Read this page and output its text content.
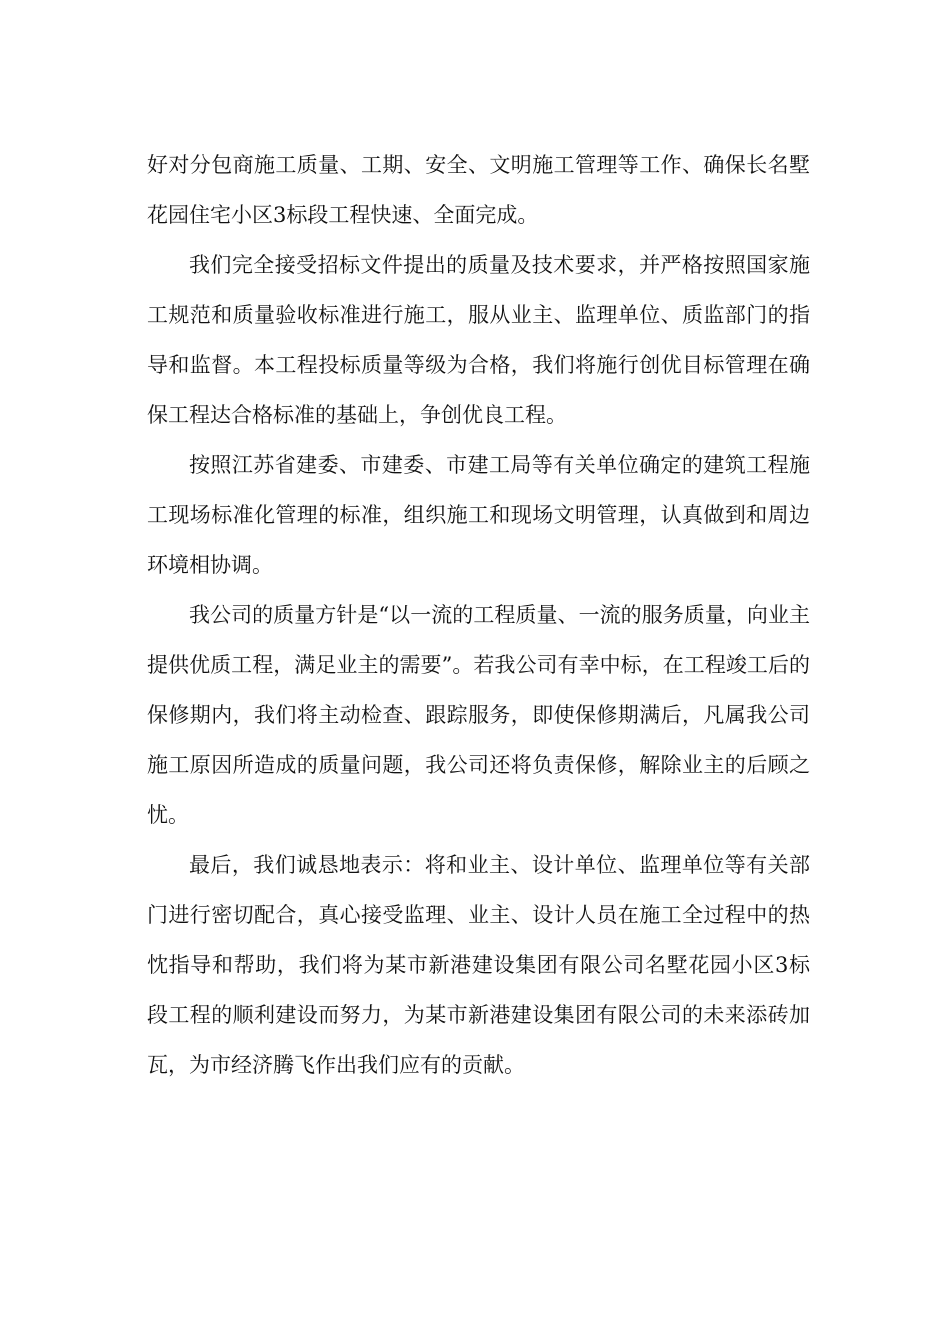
好对分包商施工质量、工期、安全、文明施工管理等工作、确保长名墅花园住宅小区3标段工程快速、全面完成。

我们完全接受招标文件提出的质量及技术要求，并严格按照国家施工规范和质量验收标准进行施工，服从业主、监理单位、质监部门的指导和监督。本工程投标质量等级为合格，我们将施行创优目标管理在确保工程达合格标准的基础上，争创优良工程。

按照江苏省建委、市建委、市建工局等有关单位确定的建筑工程施工现场标准化管理的标准，组织施工和现场文明管理，认真做到和周边环境相协调。

我公司的质量方针是“以一流的工程质量、一流的服务质量，向业主提供优质工程，满足业主的需要”。若我公司有幸中标，在工程竣工后的保修期内，我们将主动检查、跟踪服务，即使保修期满后，凡属我公司施工原因所造成的质量问题，我公司还将负责保修，解除业主的后顾之忧。

最后，我们诚恳地表示：将和业主、设计单位、监理单位等有关部门进行密切配合，真心接受监理、业主、设计人员在施工全过程中的热忱指导和帮助，我们将为某市新港建设集团有限公司名墅花园小区3标段工程的顺利建设而努力，为某市新港建设集团有限公司的未来添砖加瓦，为市经济腾飞作出我们应有的贡献。
